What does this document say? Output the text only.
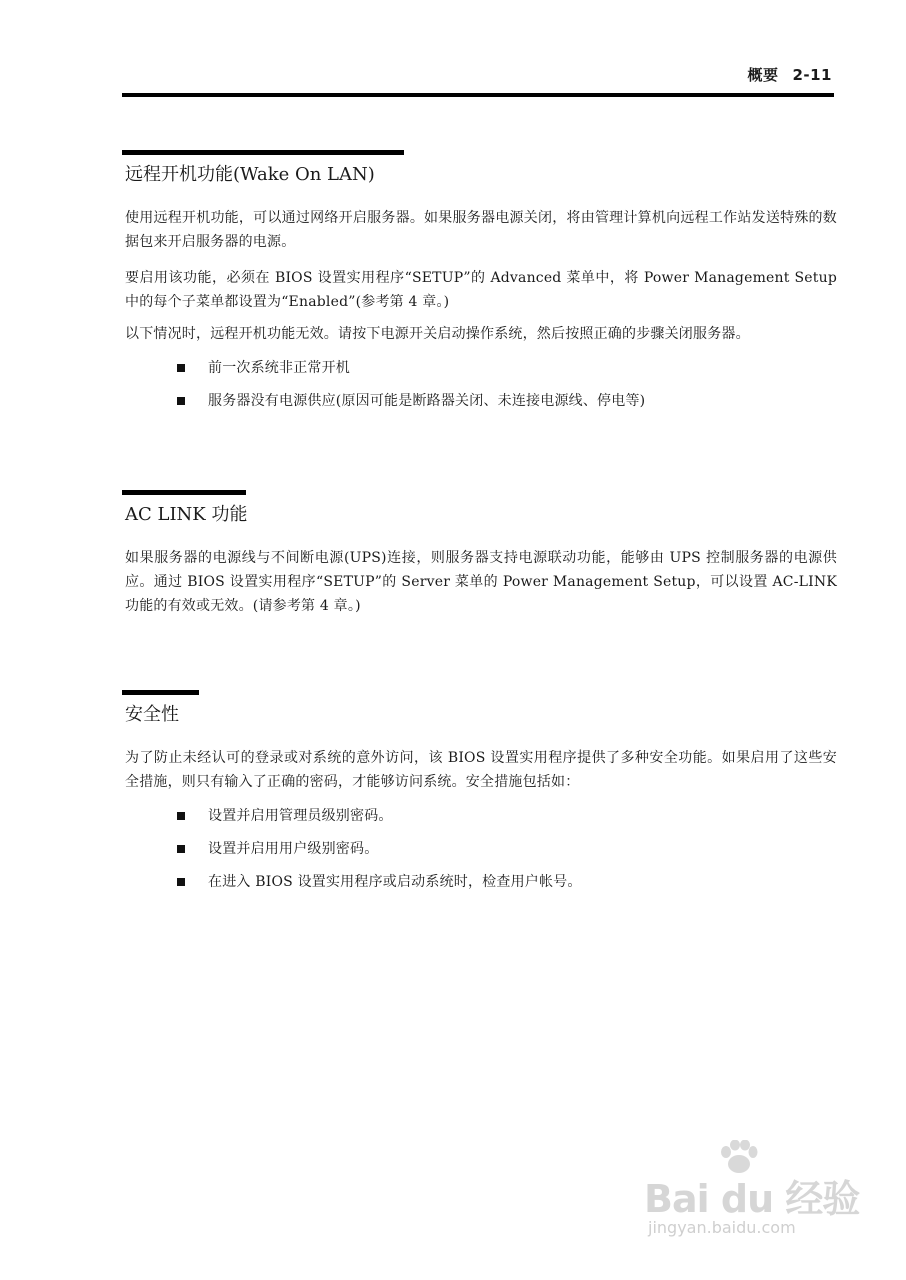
概要 2-11
远程开机功能(Wake On LAN)

使用远程开机功能，可以通过网络开启服务器。如果服务器电源关闭，将由管理计算机向远程工作站发送特殊的数据包来开启服务器的电源。

要启用该功能，必须在 BIOS 设置实用程序“SETUP”的 Advanced 菜单中，将 Power Management Setup 中的每个子菜单都设置为“Enabled”(参考第 4 章。)

以下情况时，远程开机功能无效。请按下电源开关启动操作系统，然后按照正确的步骤关闭服务器。

前一次系统非正常开机
服务器没有电源供应(原因可能是断路器关闭、未连接电源线、停电等)
AC LINK 功能

如果服务器的电源线与不间断电源(UPS)连接，则服务器支持电源联动功能，能够由 UPS 控制服务器的电源供应。通过 BIOS 设置实用程序“SETUP”的 Server 菜单的 Power Management Setup，可以设置 AC-LINK 功能的有效或无效。(请参考第 4 章。)

安全性

为了防止未经认可的登录或对系统的意外访问，该 BIOS 设置实用程序提供了多种安全功能。如果启用了这些安全措施，则只有输入了正确的密码，才能够访问系统。安全措施包括如：

设置并启用管理员级别密码。
设置并启用用户级别密码。
在进入 BIOS 设置实用程序或启动系统时，检查用户帐号。
Bai du 经验
jingyan.baidu.com
